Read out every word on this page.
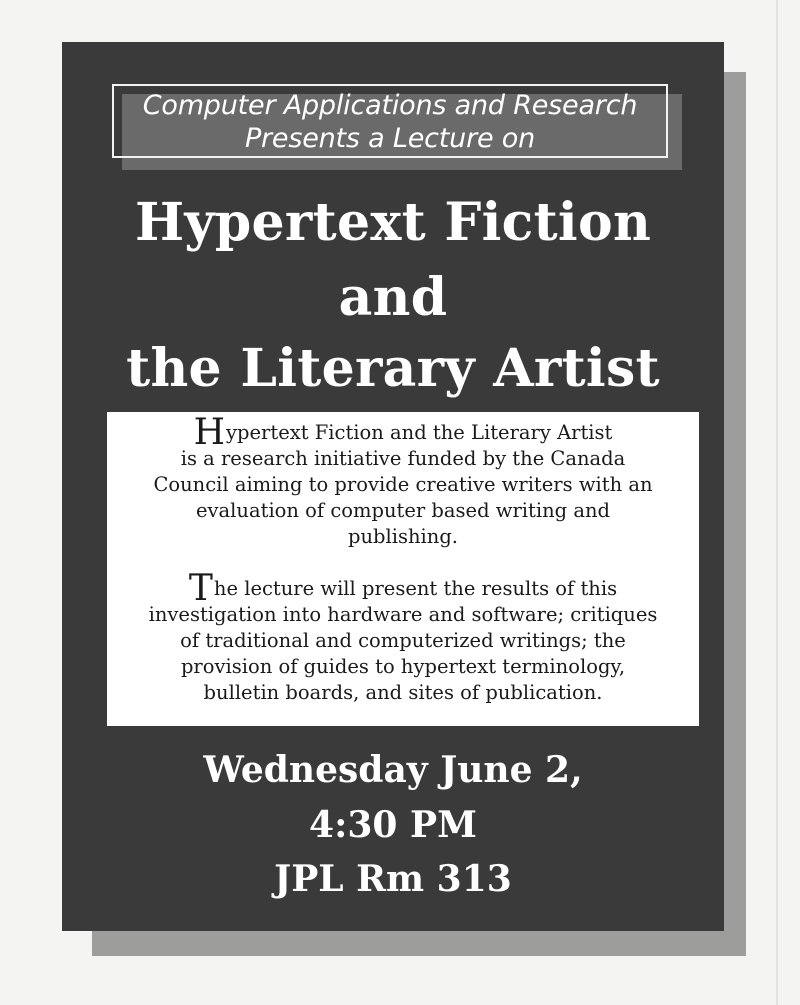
Computer Applications and Research
Presents a Lecture on
Hypertext Fiction
and
the Literary Artist

Hypertext Fiction and the Literary Artist
is a research initiative funded by the Canada
Council aiming to provide creative writers with an
evaluation of computer based writing and
publishing.

The lecture will present the results of this
investigation into hardware and software; critiques
of traditional and computerized writings; the
provision of guides to hypertext terminology,
bulletin boards, and sites of publication.

Wednesday June 2,
4:30 PM
JPL Rm 313
